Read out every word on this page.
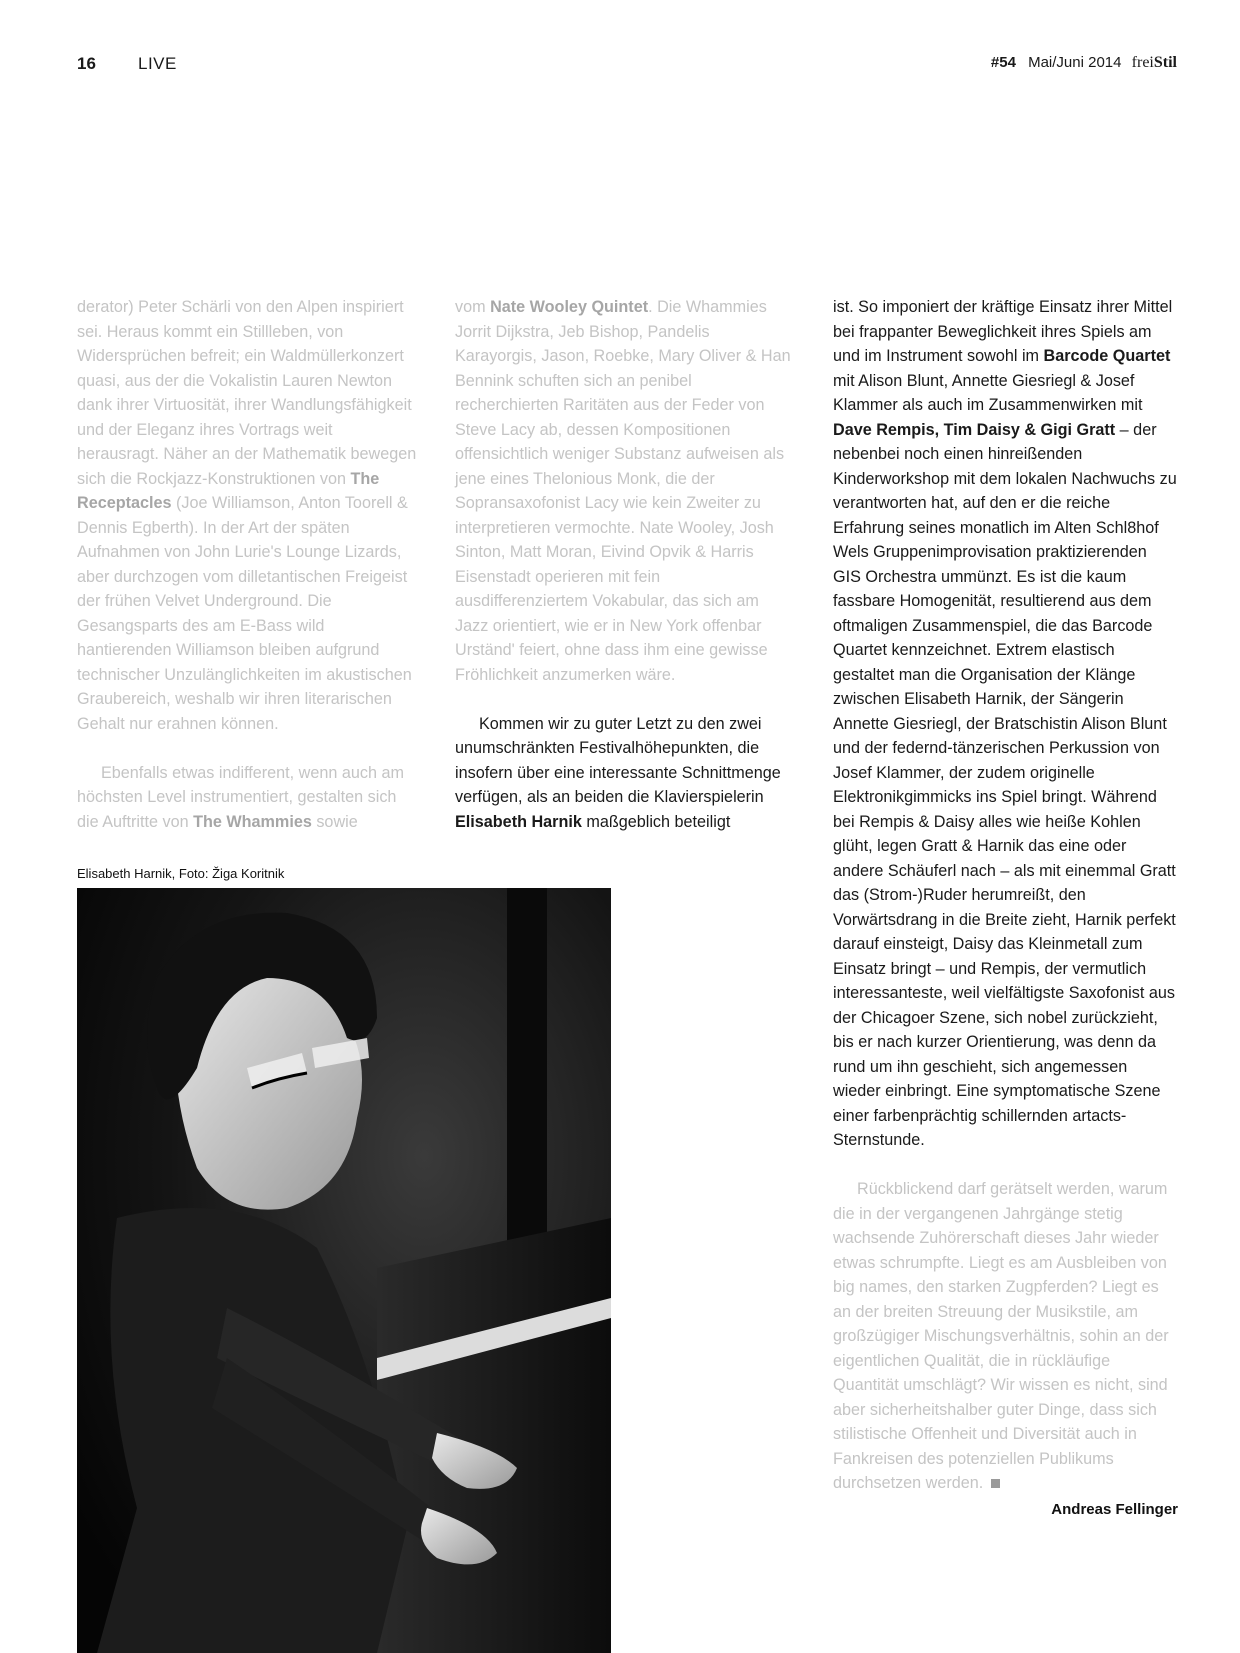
16 LIVE	#54 Mai/Juni 2014 freiStil

derator) Peter Schärli von den Alpen inspiriert sei. Heraus kommt ein Stillleben, von Widersprüchen befreit; ein Waldmüllerkonzert quasi, aus der die Vokalistin Lauren Newton dank ihrer Virtuosität, ihrer Wandlungsfähigkeit und der Eleganz ihres Vortrags weit herausragt. Näher an der Mathematik bewegen sich die Rockjazz-Konstruktionen von The Receptacles (Joe Williamson, Anton Toorell & Dennis Egberth). In der Art der späten Aufnahmen von John Lurie's Lounge Lizards, aber durchzogen vom dilletantischen Freigeist der frühen Velvet Underground. Die Gesangsparts des am E-Bass wild hantierenden Williamson bleiben aufgrund technischer Unzulänglichkeiten im akustischen Graubereich, weshalb wir ihren literarischen Gehalt nur erahnen können.

Ebenfalls etwas indifferent, wenn auch am höchsten Level instrumentiert, gestalten sich die Auftritte von The Whammies sowie

vom Nate Wooley Quintet. Die Whammies Jorrit Dijkstra, Jeb Bishop, Pandelis Karayorgis, Jason, Roebke, Mary Oliver & Han Bennink schuften sich an penibel recherchierten Raritäten aus der Feder von Steve Lacy ab, dessen Kompositionen offensichtlich weniger Substanz aufweisen als jene eines Thelonious Monk, die der Sopransaxofonist Lacy wie kein Zweiter zu interpretieren vermochte. Nate Wooley, Josh Sinton, Matt Moran, Eivind Opvik & Harris Eisenstadt operieren mit fein ausdifferenziertem Vokabular, das sich am Jazz orientiert, wie er in New York offenbar Urständ' feiert, ohne dass ihm eine gewisse Fröhlichkeit anzumerken wäre.

Kommen wir zu guter Letzt zu den zwei unumschränkten Festivalhöhepunkten, die insofern über eine interessante Schnittmenge verfügen, als an beiden die Klavierspielerin Elisabeth Harnik maßgeblich beteiligt

ist. So imponiert der kräftige Einsatz ihrer Mittel bei frappanter Beweglichkeit ihres Spiels am und im Instrument sowohl im Barcode Quartet mit Alison Blunt, Annette Giesriegl & Josef Klammer als auch im Zusammenwirken mit Dave Rempis, Tim Daisy & Gigi Gratt – der nebenbei noch einen hinreißenden Kinderworkshop mit dem lokalen Nachwuchs zu verantworten hat, auf den er die reiche Erfahrung seines monatlich im Alten Schl8hof Wels Gruppenimprovisation praktizierenden GIS Orchestra ummünzt. Es ist die kaum fassbare Homogenität, resultierend aus dem oftmaligen Zusammenspiel, die das Barcode Quartet kennzeichnet. Extrem elastisch gestaltet man die Organisation der Klänge zwischen Elisabeth Harnik, der Sängerin Annette Giesriegl, der Bratschistin Alison Blunt und der federnd-tänzerischen Perkussion von Josef Klammer, der zudem originelle Elektronikgimmicks ins Spiel bringt. Während bei Rempis & Daisy alles wie heiße Kohlen glüht, legen Gratt & Harnik das eine oder andere Schäuferl nach – als mit einemmal Gratt das (Strom-)Ruder herumreißt, den Vorwärtsdrang in die Breite zieht, Harnik perfekt darauf einsteigt, Daisy das Kleinmetall zum Einsatz bringt – und Rempis, der vermutlich interessanteste, weil vielfältigste Saxofonist aus der Chicagoer Szene, sich nobel zurückzieht, bis er nach kurzer Orientierung, was denn da rund um ihn geschieht, sich angemessen wieder einbringt. Eine symptomatische Szene einer farbenprächtig schillernden artacts-Sternstunde.

Rückblickend darf gerätselt werden, warum die in der vergangenen Jahrgänge stetig wachsende Zuhörerschaft dieses Jahr wieder etwas schrumpfte. Liegt es am Ausbleiben von big names, den starken Zugpferden? Liegt es an der breiten Streuung der Musikstile, am großzügiger Mischungsverhältnis, sohin an der eigentlichen Qualität, die in rückläufige Quantität umschlägt? Wir wissen es nicht, sind aber sicherheitshalber guter Dinge, dass sich stilistische Offenheit und Diversität auch in Fankreisen des potenziellen Publikums durchsetzen werden.

Andreas Fellinger
Elisabeth Harnik, Foto: Žiga Koritnik
